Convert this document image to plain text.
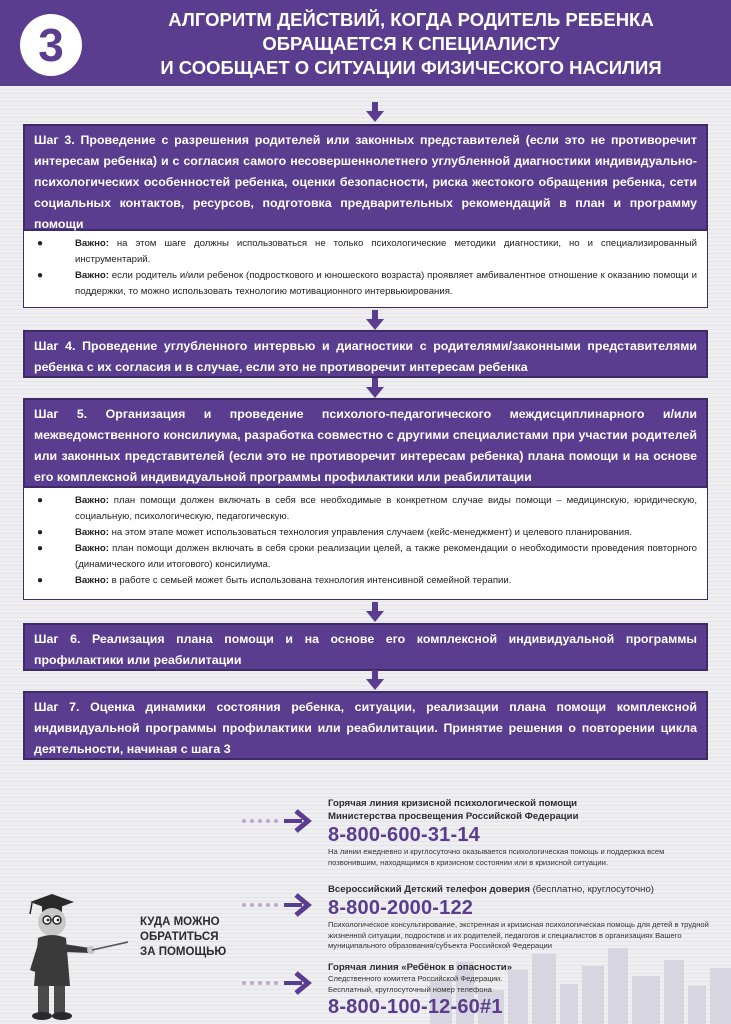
3	АЛГОРИТМ ДЕЙСТВИЙ, КОГДА РОДИТЕЛЬ РЕБЕНКА
ОБРАЩАЕТСЯ К СПЕЦИАЛИСТУ
И СООБЩАЕТ О СИТУАЦИИ ФИЗИЧЕСКОГО НАСИЛИЯ
Шаг 3. Проведение с разрешения родителей или законных представителей (если это не противоречит интересам ребенка) и с согласия самого несовершеннолетнего углубленной диагностики индивидуально-психологических особенностей ребенка, оценки безопасности, риска жестокого обращения ребенка, сети социальных контактов, ресурсов, подготовка предварительных рекомендаций в план и программу помощи
●	Важно: на этом шаге должны использоваться не только психологические методики диагностики, но и специализированный инструментарий.
●	Важно: если родитель и/или ребенок (подросткового и юношеского возраста) проявляет амбивалентное отношение к оказанию помощи и поддержки, то можно использовать технологию мотивационного интервьюирования.
Шаг 4. Проведение углубленного интервью и диагностики с родителями/законными представителями ребенка с их согласия и в случае, если это не противоречит интересам ребенка
Шаг 5. Организация и проведение психолого-педагогического междисциплинарного и/или межведомственного консилиума, разработка совместно с другими специалистами при участии родителей или законных представителей (если это не противоречит интересам ребенка) плана помощи и на основе его комплексной индивидуальной программы профилактики или реабилитации
●	Важно: план помощи должен включать в себя все необходимые в конкретном случае виды помощи – медицинскую, юридическую, социальную, психологическую, педагогическую.
●	Важно: на этом этапе может использоваться технология управления случаем (кейс-менеджмент) и целевого планирования.
●	Важно: план помощи должен включать в себя сроки реализации целей, а также рекомендации о необходимости проведения повторного (динамического или итогового) консилиума.
●	Важно: в работе с семьей может быть использована технология интенсивной семейной терапии.
Шаг 6. Реализация плана помощи и на основе его комплексной индивидуальной программы профилактики или реабилитации
Шаг 7. Оценка динамики состояния ребенка, ситуации, реализации плана помощи комплексной индивидуальной программы профилактики или реабилитации. Принятие решения о повторении цикла деятельности, начиная с шага 3
КУДА МОЖНО
ОБРАТИТЬСЯ
ЗА ПОМОЩЬЮ
Горячая линия кризисной психологической помощи
Министерства просвещения Российской Федерации
8-800-600-31-14
На линии ежедневно и круглосуточно оказывается психологическая помощь и поддержка всем
позвонившим, находящимся в кризисном состоянии или в кризисной ситуации.
Всероссийский Детский телефон доверия (бесплатно, круглосуточно)
8-800-2000-122
Психологическое консультирование, экстренная и кризисная психологическая помощь для детей в трудной
жизненной ситуации, подростков и их родителей, педагогов и специалистов в организациях Вашего
муниципального образования/субъекта Российской Федерации
Горячая линия «Ребёнок в опасности»
Следственного комитета Российской Федерации.
Бесплатный, круглосуточный номер телефона
8-800-100-12-60#1
